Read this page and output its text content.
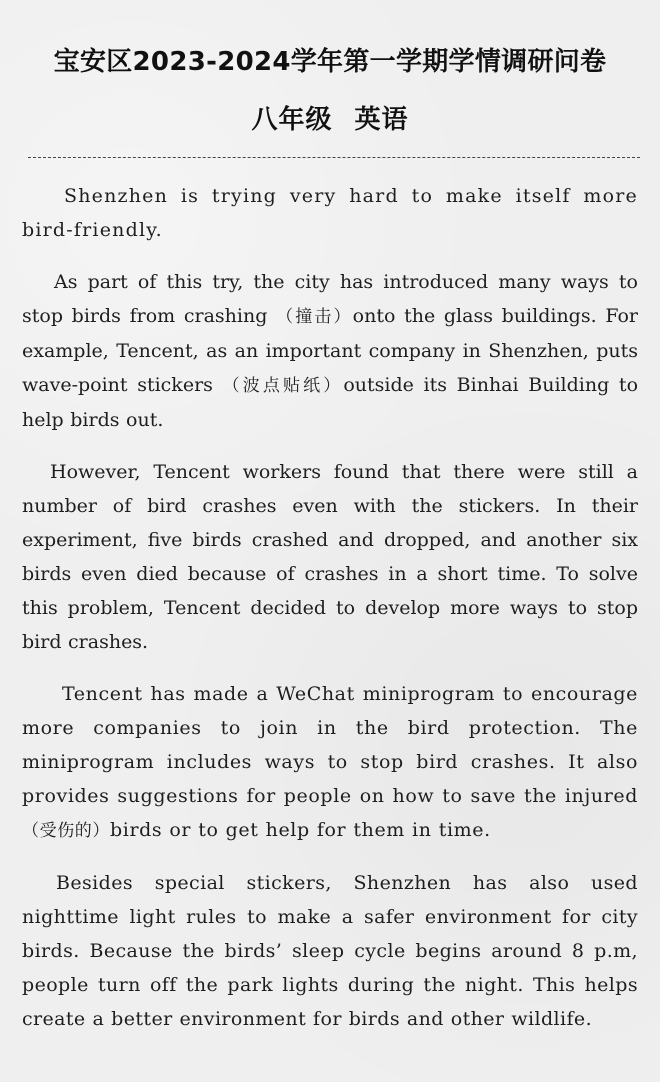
宝安区2023-2024学年第一学期学情调研问卷
八年级 英语

Shenzhen is trying very hard to make itself more bird-friendly.

As part of this try, the city has introduced many ways to stop birds from crashing （撞击）onto the glass buildings. For example, Tencent, as an important company in Shenzhen, puts wave-point stickers （波点贴纸）outside its Binhai Building to help birds out.

However, Tencent workers found that there were still a number of bird crashes even with the stickers. In their experiment, five birds crashed and dropped, and another six birds even died because of crashes in a short time. To solve this problem, Tencent decided to develop more ways to stop bird crashes.

Tencent has made a WeChat miniprogram to encourage more companies to join in the bird protection. The miniprogram includes ways to stop bird crashes. It also provides suggestions for people on how to save the injured（受伤的）birds or to get help for them in time.

Besides special stickers, Shenzhen has also used nighttime light rules to make a safer environment for city birds. Because the birds’ sleep cycle begins around 8 p.m, people turn off the park lights during the night. This helps create a better environment for birds and other wildlife.
